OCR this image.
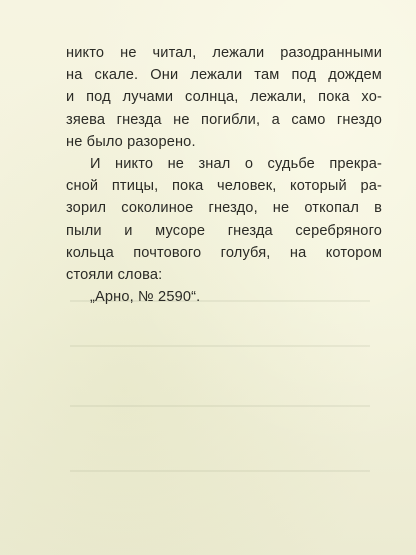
никто не читал, лежали разодранными
на скале. Они лежали там под дождем
и под лучами солнца, лежали, пока хо-
зяева гнезда не погибли, а само гнездо
не было разорено.
И никто не знал о судьбе прекра-
сной птицы, пока человек, который ра-
зорил соколиное гнездо, не откопал в
пыли и мусоре гнезда серебряного
кольца почтового голубя, на котором
стояли слова:
„Арно, № 2590“.
